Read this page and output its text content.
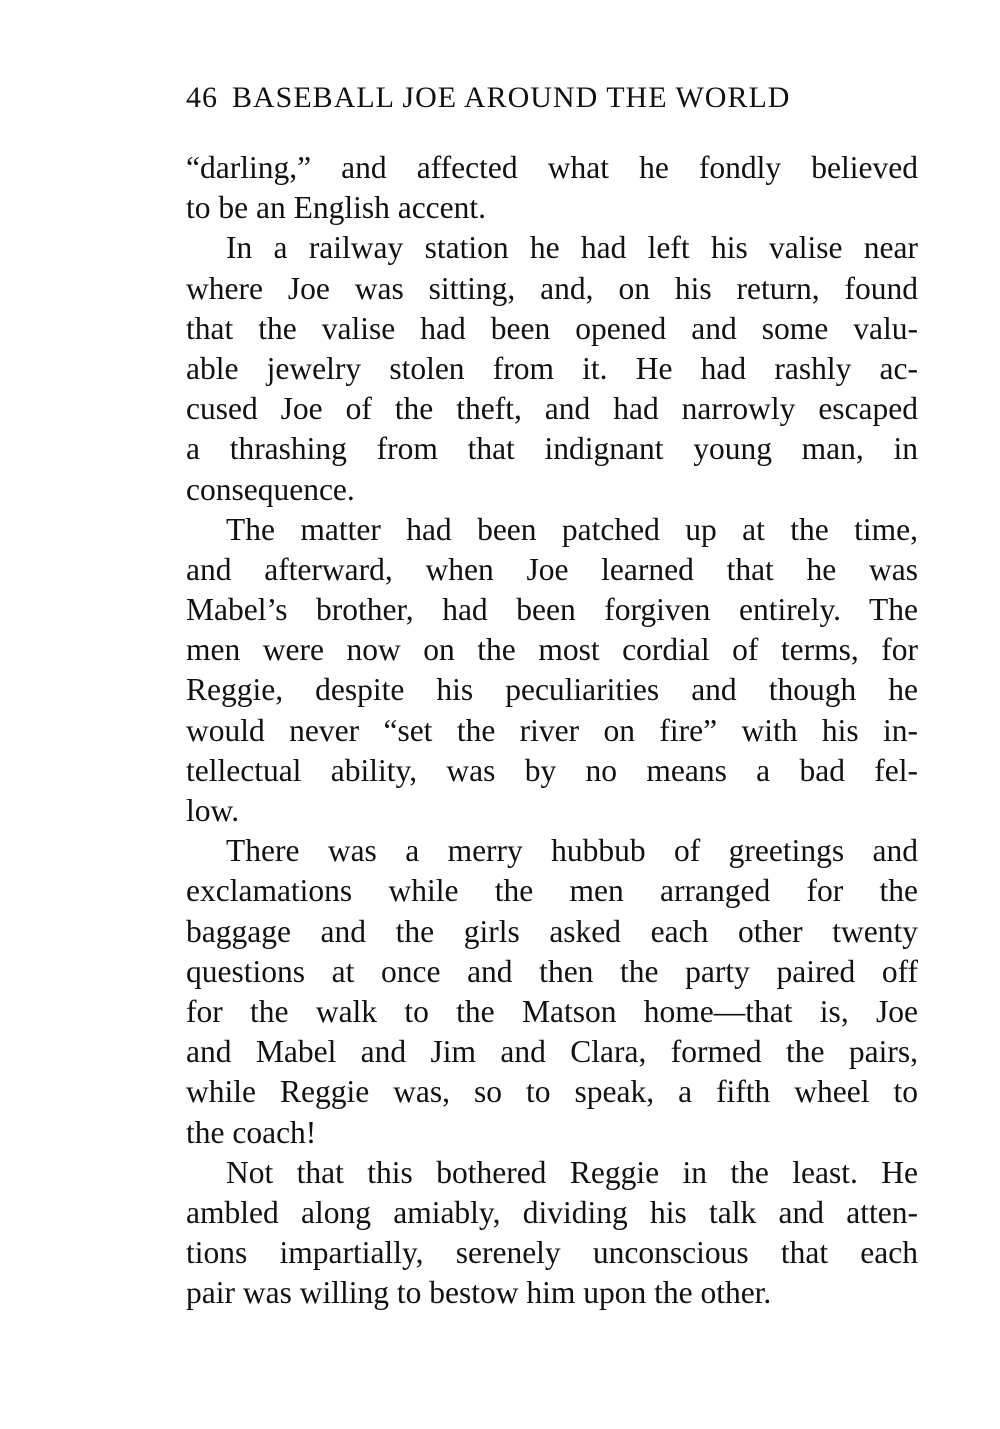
46 BASEBALL JOE AROUND THE WORLD
“darling,” and affected what he fondly believed
to be an English accent.
In a railway station he had left his valise near
where Joe was sitting, and, on his return, found
that the valise had been opened and some valu-
able jewelry stolen from it. He had rashly ac-
cused Joe of the theft, and had narrowly escaped
a thrashing from that indignant young man, in
consequence.
The matter had been patched up at the time,
and afterward, when Joe learned that he was
Mabel’s brother, had been forgiven entirely. The
men were now on the most cordial of terms, for
Reggie, despite his peculiarities and though he
would never “set the river on fire” with his in-
tellectual ability, was by no means a bad fel-
low.
There was a merry hubbub of greetings and
exclamations while the men arranged for the
baggage and the girls asked each other twenty
questions at once and then the party paired off
for the walk to the Matson home—that is, Joe
and Mabel and Jim and Clara, formed the pairs,
while Reggie was, so to speak, a fifth wheel to
the coach!
Not that this bothered Reggie in the least. He
ambled along amiably, dividing his talk and atten-
tions impartially, serenely unconscious that each
pair was willing to bestow him upon the other.
